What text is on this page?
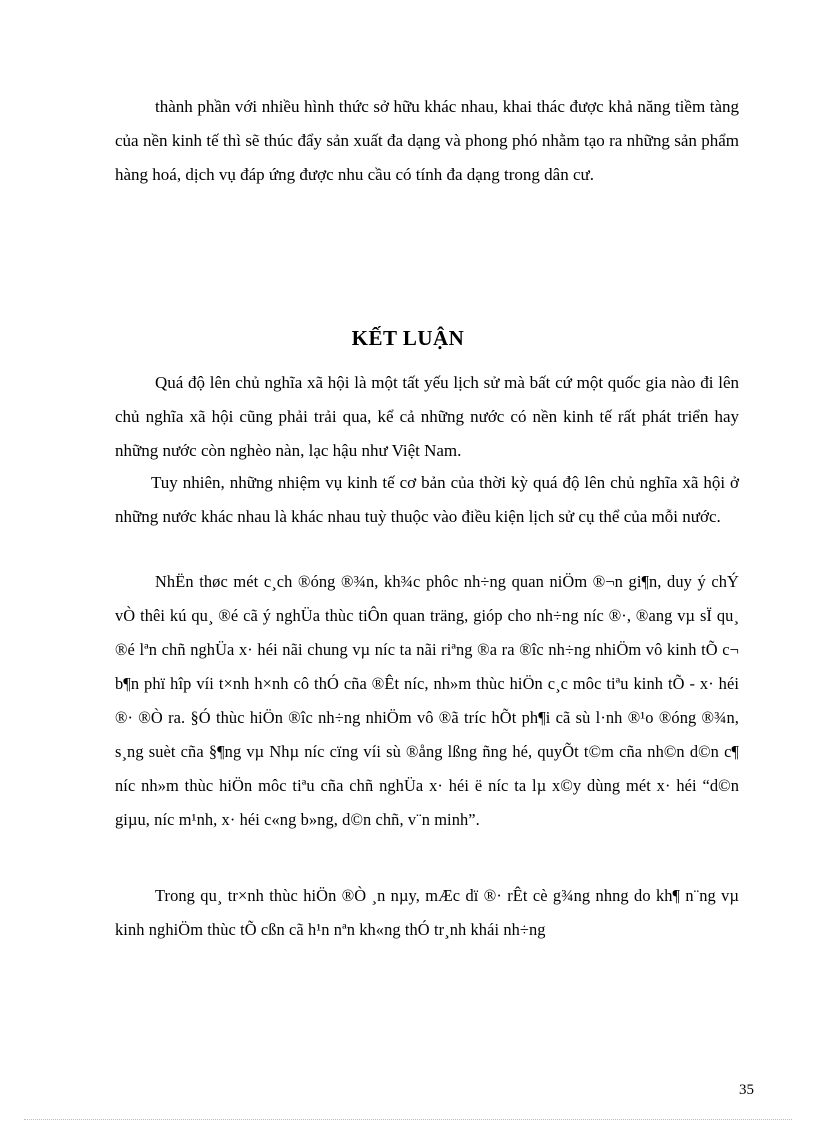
thành phần với nhiều hình thức sở hữu khác nhau, khai thác được khả năng tiềm tàng của nền kinh tế thì sẽ thúc đẩy sản xuất đa dạng và phong phó nhằm tạo ra những sản phẩm hàng hoá, dịch vụ đáp ứng được nhu cầu có tính đa dạng trong dân cư.

KẾT LUẬN

Quá độ lên chủ nghĩa xã hội là một tất yếu lịch sử mà bất cứ một quốc gia nào đi lên chủ nghĩa xã hội cũng phải trải qua, kể cả những nước có nền kinh tế rất phát triển hay những nước còn nghèo nàn, lạc hậu như Việt Nam.

Tuy nhiên, những nhiệm vụ kinh tế cơ bản của thời kỳ quá độ lên chủ nghĩa xã hội ở những nước khác nhau là khác nhau tuỳ thuộc vào điều kiện lịch sử cụ thể của mỗi nước.

NhËn thøc mét c¸ch ®óng ®¾n, kh¾c phôc nh÷ng quan niÖm ®¬n gi¶n, duy ý chÝ vÒ thêi kú qu¸ ®é cã ý nghÜa thùc tiÔn quan träng, gióp cho nh÷ng níc ®·, ®ang vµ sÏ qu¸ ®é lªn chñ nghÜa x· héi nãi chung vµ níc ta nãi riªng ®a ra ®îc nh÷ng nhiÖm vô kinh tÕ c¬ b¶n phï hîp víi t×nh h×nh cô thÓ cña ®Êt níc, nh»m thùc hiÖn c¸c môc tiªu kinh tÕ - x· héi ®· ®Ò ra. §Ó thùc hiÖn ®îc nh÷ng nhiÖm vô ®ã tríc hÕt ph¶i cã sù l·nh ®¹o ®óng ®¾n, s¸ng suèt cña §¶ng vµ Nhµ níc cïng víi sù ®ång lßng ñng hé, quyÕt t©m cña nh©n d©n c¶ níc nh»m thùc hiÖn môc tiªu cña chñ nghÜa x· héi ë níc ta lµ x©y dùng mét x· héi “d©n giµu, níc m¹nh, x· héi c«ng b»ng, d©n chñ, v¨n minh”.

Trong qu¸ tr×nh thùc hiÖn ®Ò ¸n nµy, mÆc dï ®· rÊt cè g¾ng nhng do kh¶ n¨ng vµ kinh nghiÖm thùc tÕ cßn cã h¹n nªn kh«ng thÓ tr¸nh khái nh÷ng

35
